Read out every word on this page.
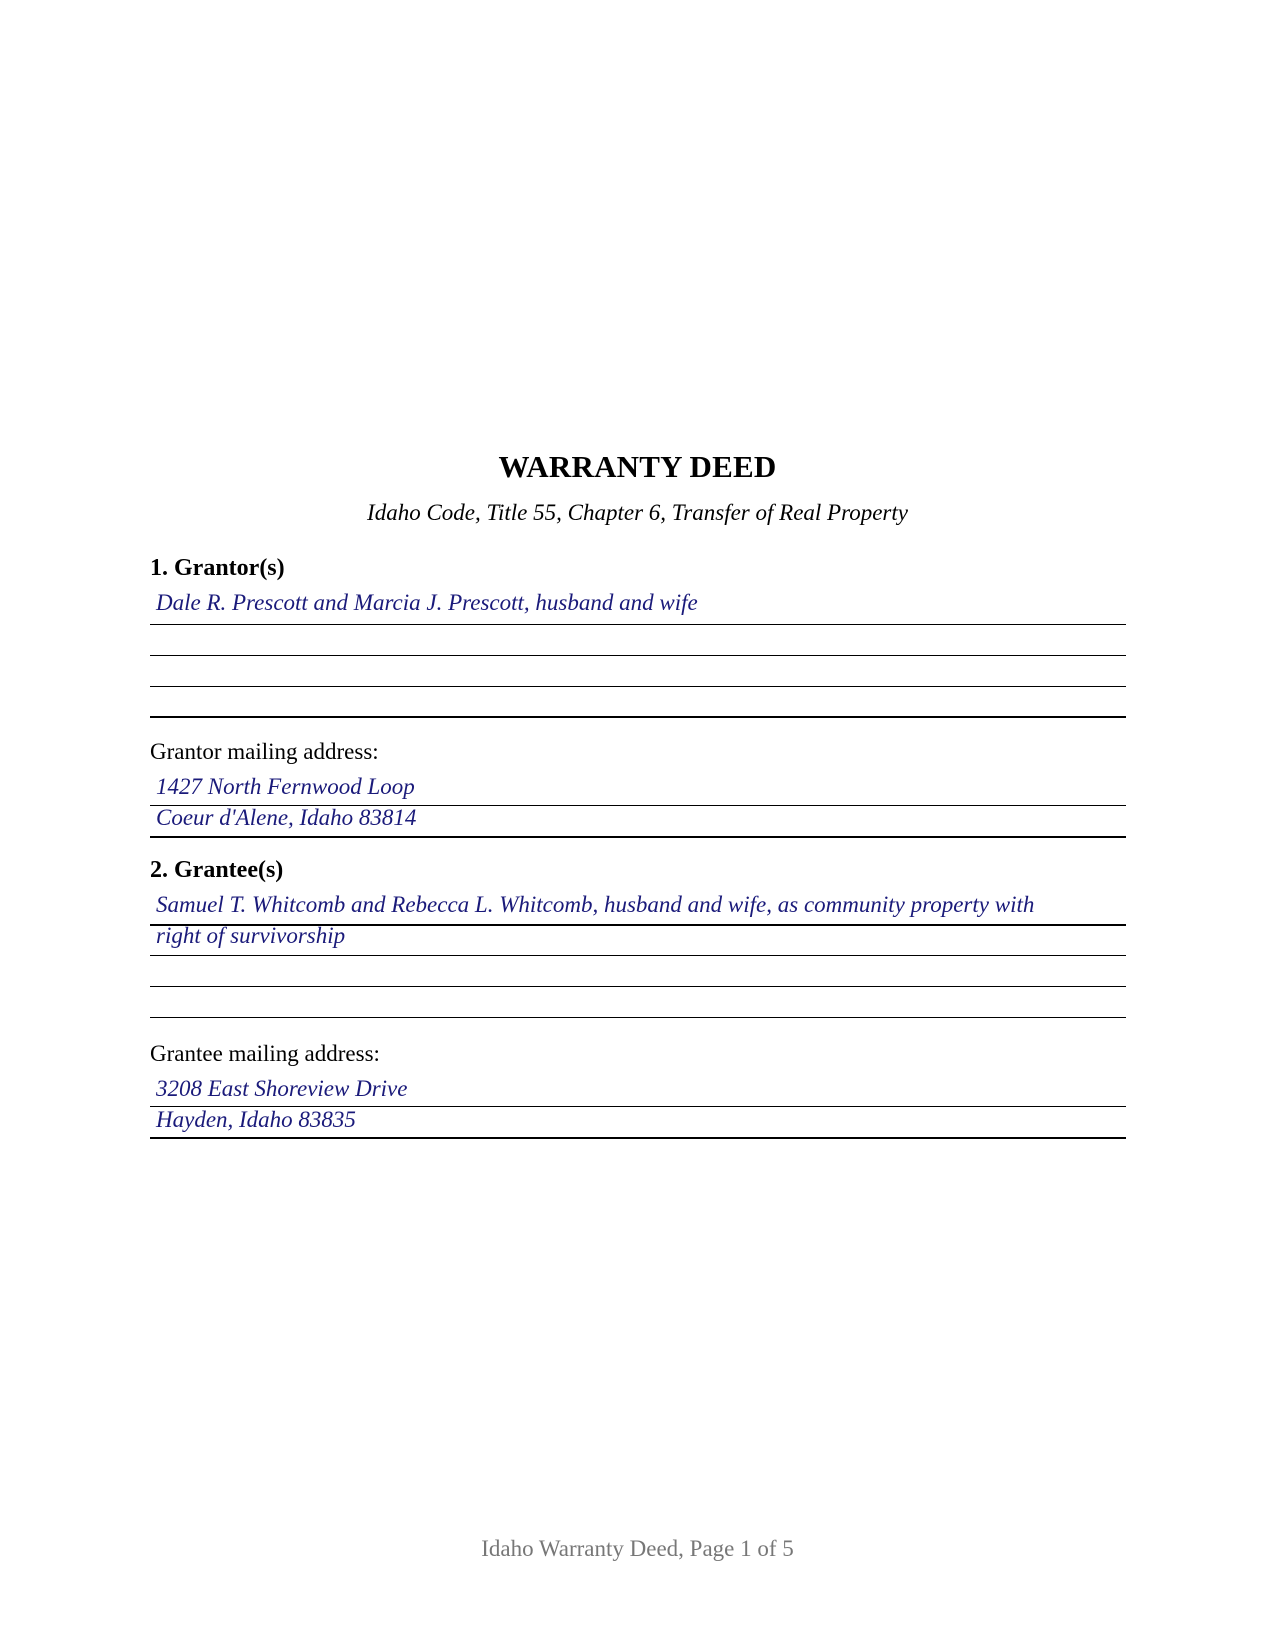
WARRANTY DEED
Idaho Code, Title 55, Chapter 6, Transfer of Real Property
1. Grantor(s)
Dale R. Prescott and Marcia J. Prescott, husband and wife
Grantor mailing address:
1427 North Fernwood Loop
Coeur d'Alene, Idaho 83814
2. Grantee(s)
Samuel T. Whitcomb and Rebecca L. Whitcomb, husband and wife, as community property with
right of survivorship
Grantee mailing address:
3208 East Shoreview Drive
Hayden, Idaho 83835
Idaho Warranty Deed, Page 1 of 5
